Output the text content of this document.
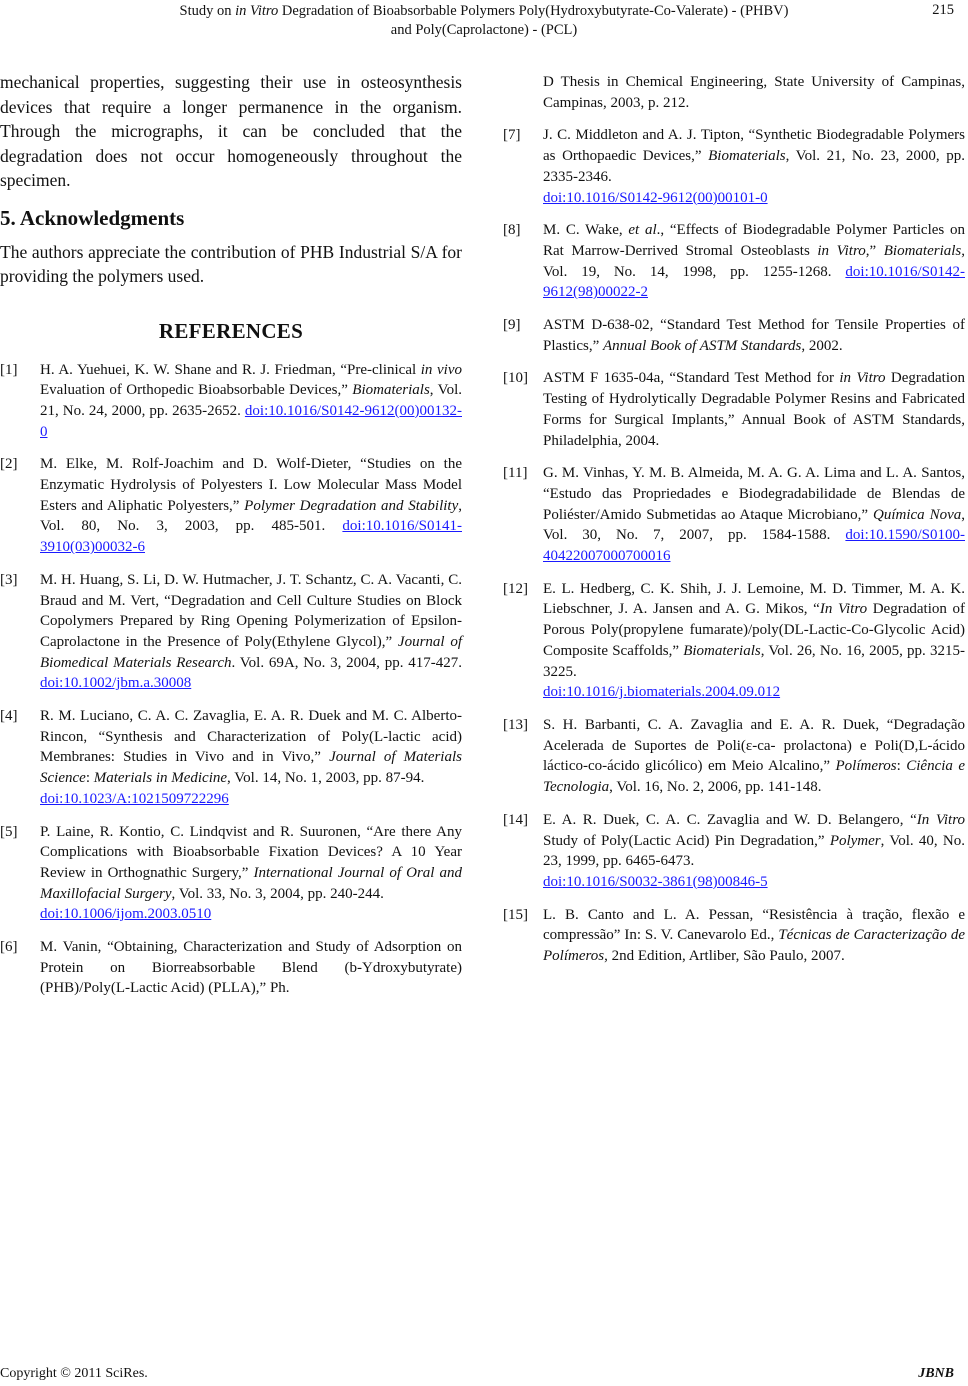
Study on in Vitro Degradation of Bioabsorbable Polymers Poly(Hydroxybutyrate-Co-Valerate) - (PHBV)
and Poly(Caprolactone) - (PCL)
215

mechanical properties, suggesting their use in osteosynthesis devices that require a longer permanence in the organism. Through the micrographs, it can be concluded that the degradation does not occur homogeneously throughout the specimen.

5. Acknowledgments

The authors appreciate the contribution of PHB Industrial S/A for providing the polymers used.

REFERENCES
[1]	H. A. Yuehuei, K. W. Shane and R. J. Friedman, “Pre-clinical in vivo Evaluation of Orthopedic Bioabsorbable Devices,” Biomaterials, Vol. 21, No. 24, 2000, pp. 2635-2652. doi:10.1016/S0142-9612(00)00132-0
[2]	M. Elke, M. Rolf-Joachim and D. Wolf-Dieter, “Studies on the Enzymatic Hydrolysis of Polyesters I. Low Molecular Mass Model Esters and Aliphatic Polyesters,” Polymer Degradation and Stability, Vol. 80, No. 3, 2003, pp. 485-501. doi:10.1016/S0141-3910(03)00032-6
[3]	M. H. Huang, S. Li, D. W. Hutmacher, J. T. Schantz, C. A. Vacanti, C. Braud and M. Vert, “Degradation and Cell Culture Studies on Block Copolymers Prepared by Ring Opening Polymerization of Epsilon-Caprolactone in the Presence of Poly(Ethylene Glycol),” Journal of Biomedical Materials Research. Vol. 69A, No. 3, 2004, pp. 417-427. doi:10.1002/jbm.a.30008
[4]	R. M. Luciano, C. A. C. Zavaglia, E. A. R. Duek and M. C. Alberto-Rincon, “Synthesis and Characterization of Poly(L-lactic acid) Membranes: Studies in Vivo and in Vivo,” Journal of Materials Science: Materials in Medicine, Vol. 14, No. 1, 2003, pp. 87-94.
doi:10.1023/A:1021509722296
[5]	P. Laine, R. Kontio, C. Lindqvist and R. Suuronen, “Are there Any Complications with Bioabsorbable Fixation Devices? A 10 Year Review in Orthognathic Surgery,” International Journal of Oral and Maxillofacial Surgery, Vol. 33, No. 3, 2004, pp. 240-244.
doi:10.1006/ijom.2003.0510
[6]	M. Vanin, “Obtaining, Characterization and Study of Adsorption on Protein on Biorreabsorbable Blend (b-Ydroxybutyrate) (PHB)/Poly(L-Lactic Acid) (PLLA),” Ph.

D Thesis in Chemical Engineering, State University of Campinas, Campinas, 2003, p. 212.

[7]	J. C. Middleton and A. J. Tipton, “Synthetic Biodegradable Polymers as Orthopaedic Devices,” Biomaterials, Vol. 21, No. 23, 2000, pp. 2335-2346.
doi:10.1016/S0142-9612(00)00101-0
[8]	M. C. Wake, et al., “Effects of Biodegradable Polymer Particles on Rat Marrow-Derrived Stromal Osteoblasts in Vitro,” Biomaterials, Vol. 19, No. 14, 1998, pp. 1255-1268. doi:10.1016/S0142-9612(98)00022-2
[9]	ASTM D-638-02, “Standard Test Method for Tensile Properties of Plastics,” Annual Book of ASTM Standards, 2002.
[10]	ASTM F 1635-04a, “Standard Test Method for in Vitro Degradation Testing of Hydrolytically Degradable Polymer Resins and Fabricated Forms for Surgical Implants,” Annual Book of ASTM Standards, Philadelphia, 2004.
[11]	G. M. Vinhas, Y. M. B. Almeida, M. A. G. A. Lima and L. A. Santos, “Estudo das Propriedades e Biodegradabilidade de Blendas de Poliéster/Amido Submetidas ao Ataque Microbiano,” Química Nova, Vol. 30, No. 7, 2007, pp. 1584-1588. doi:10.1590/S0100-40422007000700016
[12]	E. L. Hedberg, C. K. Shih, J. J. Lemoine, M. D. Timmer, M. A. K. Liebschner, J. A. Jansen and A. G. Mikos, “In Vitro Degradation of Porous Poly(propylene fumarate)/poly(DL-Lactic-Co-Glycolic Acid) Composite Scaffolds,” Biomaterials, Vol. 26, No. 16, 2005, pp. 3215-3225.
doi:10.1016/j.biomaterials.2004.09.012
[13]	S. H. Barbanti, C. A. Zavaglia and E. A. R. Duek, “Degradação Acelerada de Suportes de Poli(ε-ca- prolactona) e Poli(D,L-ácido láctico-co-ácido glicólico) em Meio Alcalino,” Polímeros: Ciência e Tecnologia, Vol. 16, No. 2, 2006, pp. 141-148.
[14]	E. A. R. Duek, C. A. C. Zavaglia and W. D. Belangero, “In Vitro Study of Poly(Lactic Acid) Pin Degradation,” Polymer, Vol. 40, No. 23, 1999, pp. 6465-6473.
doi:10.1016/S0032-3861(98)00846-5
[15]	L. B. Canto and L. A. Pessan, “Resistência à tração, flexão e compressão” In: S. V. Canevarolo Ed., Técnicas de Caracterização de Polímeros, 2nd Edition, Artliber, São Paulo, 2007.
Copyright © 2011 SciRes.	JBNB
